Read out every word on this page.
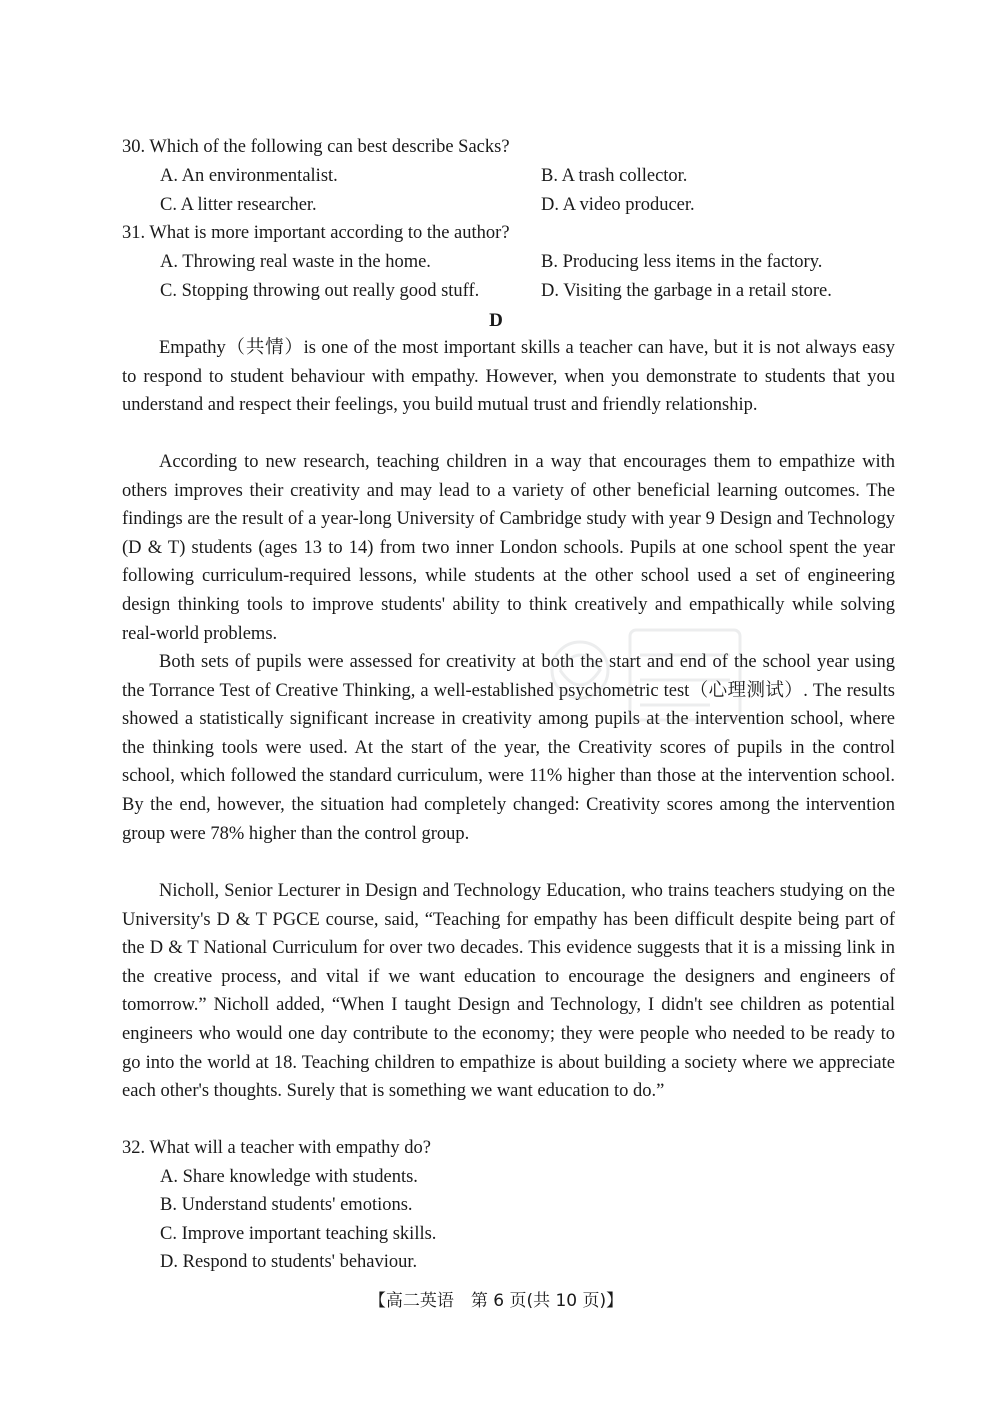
30. Which of the following can best describe Sacks?
A. An environmentalist.	B. A trash collector.
C. A litter researcher.	D. A video producer.
31. What is more important according to the author?
A. Throwing real waste in the home.	B. Producing less items in the factory.
C. Stopping throwing out really good stuff.	D. Visiting the garbage in a retail store.
D
Empathy（共情）is one of the most important skills a teacher can have, but it is not always easy to respond to student behaviour with empathy. However, when you demonstrate to students that you understand and respect their feelings, you build mutual trust and friendly relationship.
According to new research, teaching children in a way that encourages them to empathize with others improves their creativity and may lead to a variety of other beneficial learning outcomes. The findings are the result of a year-long University of Cambridge study with year 9 Design and Technology (D & T) students (ages 13 to 14) from two inner London schools. Pupils at one school spent the year following curriculum-required lessons, while students at the other school used a set of engineering design thinking tools to improve students' ability to think creatively and empathically while solving real-world problems.
Both sets of pupils were assessed for creativity at both the start and end of the school year using the Torrance Test of Creative Thinking, a well-established psychometric test（心理测试）. The results showed a statistically significant increase in creativity among pupils at the intervention school, where the thinking tools were used. At the start of the year, the Creativity scores of pupils in the control school, which followed the standard curriculum, were 11% higher than those at the intervention school. By the end, however, the situation had completely changed: Creativity scores among the intervention group were 78% higher than the control group.
Nicholl, Senior Lecturer in Design and Technology Education, who trains teachers studying on the University's D & T PGCE course, said, “Teaching for empathy has been difficult despite being part of the D & T National Curriculum for over two decades. This evidence suggests that it is a missing link in the creative process, and vital if we want education to encourage the designers and engineers of tomorrow.” Nicholl added, “When I taught Design and Technology, I didn't see children as potential engineers who would one day contribute to the economy; they were people who needed to be ready to go into the world at 18. Teaching children to empathize is about building a society where we appreciate each other's thoughts. Surely that is something we want education to do.”
32. What will a teacher with empathy do?
A. Share knowledge with students.
B. Understand students' emotions.
C. Improve important teaching skills.
D. Respond to students' behaviour.
【高二英语　第 6 页(共 10 页)】
